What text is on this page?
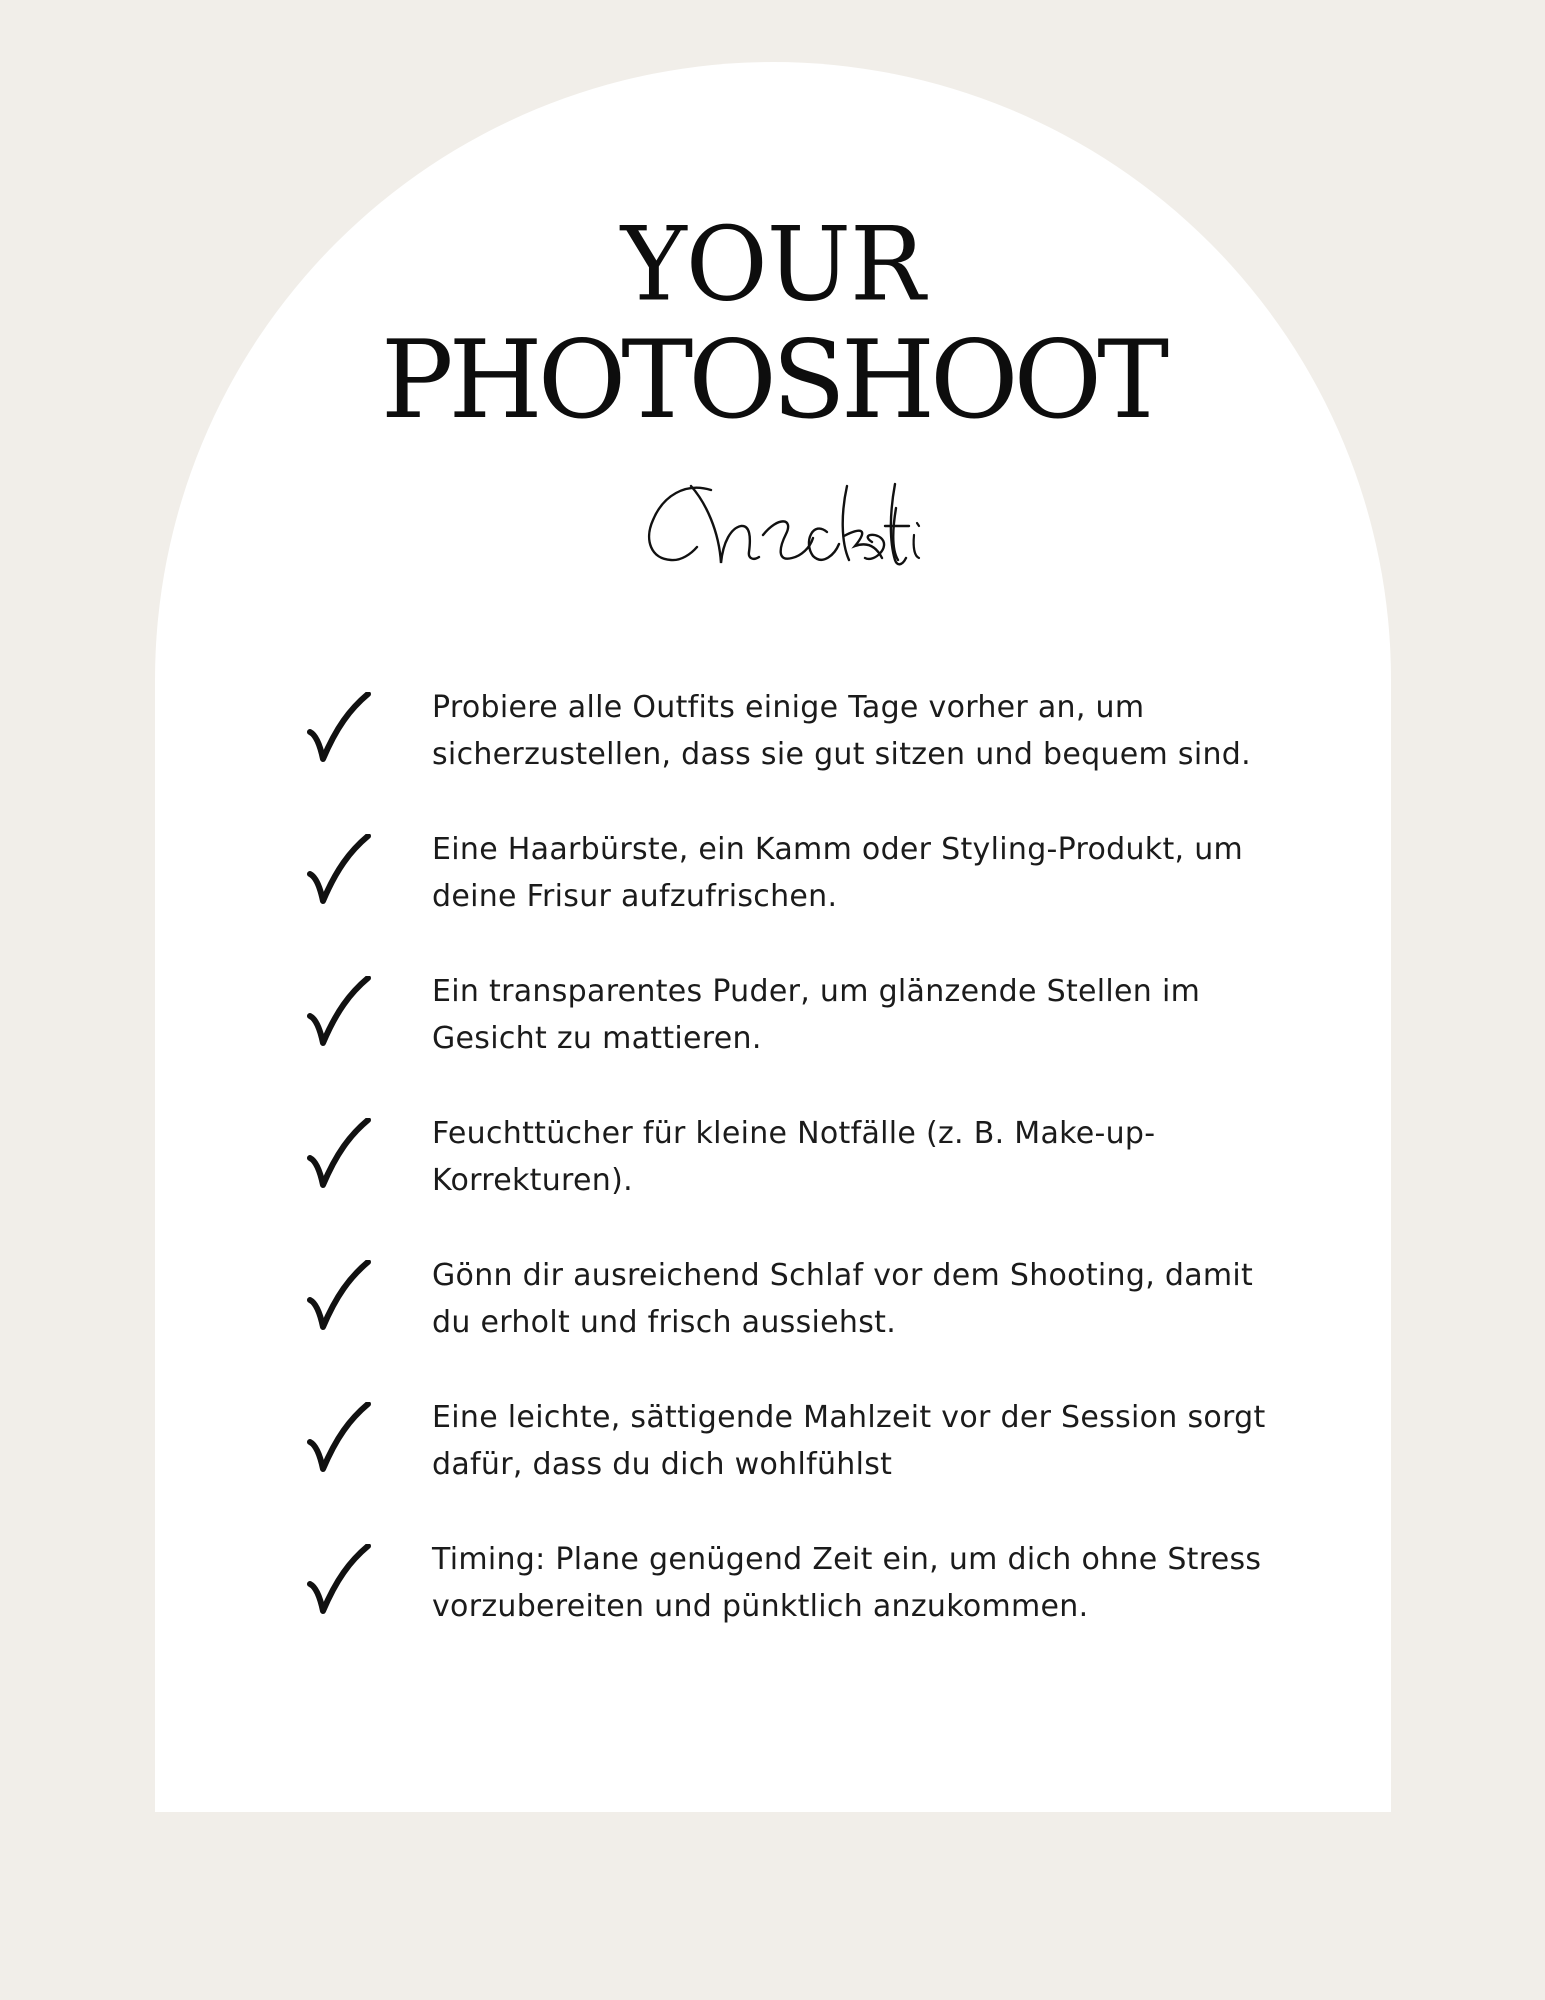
YOUR
PHOTOSHOOT
Probiere alle Outfits einige Tage vorher an, um
sicherzustellen, dass sie gut sitzen und bequem sind.
Eine Haarbürste, ein Kamm oder Styling-Produkt, um
deine Frisur aufzufrischen.
Ein transparentes Puder, um glänzende Stellen im
Gesicht zu mattieren.
Feuchttücher für kleine Notfälle (z. B. Make-up-
Korrekturen).
Gönn dir ausreichend Schlaf vor dem Shooting, damit
du erholt und frisch aussiehst.
Eine leichte, sättigende Mahlzeit vor der Session sorgt
dafür, dass du dich wohlfühlst
Timing: Plane genügend Zeit ein, um dich ohne Stress
vorzubereiten und pünktlich anzukommen.
